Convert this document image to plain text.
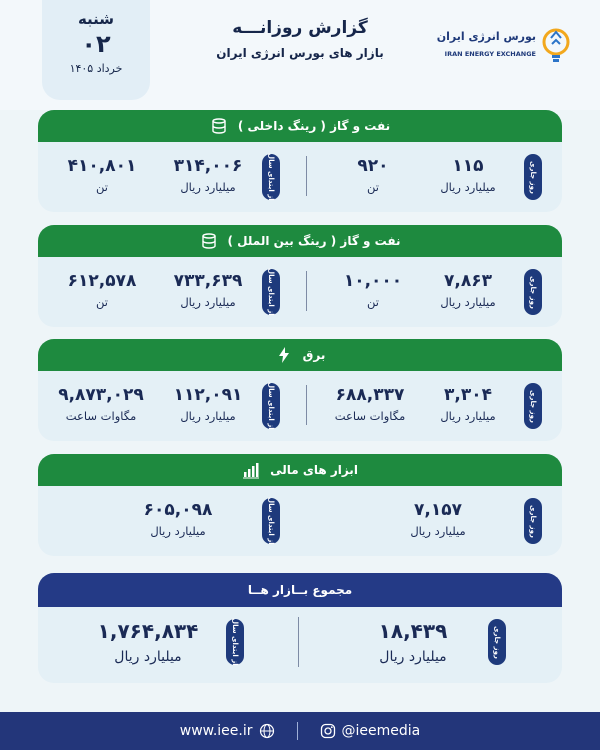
شنبه
۰۲
خرداد ۱۴۰۵
گزارش روزانـــه
بازار های بورس انرژی ایران
بورس انرژی ایران
IRAN ENERGY EXCHANGE
نفت و گاز ( رینگ داخلی )
روز جاری
۱۱۵
میلیارد ریال
۹۲۰
تن
از ابتدای سال
۳۱۴,۰۰۶
میلیارد ریال
۴۱۰,۸۰۱
تن
نفت و گاز ( رینگ بین الملل )
روز جاری
۷,۸۶۳
میلیارد ریال
۱۰,۰۰۰
تن
از ابتدای سال
۷۳۳,۶۳۹
میلیارد ریال
۶۱۲,۵۷۸
تن
برق
روز جاری
۳,۳۰۴
میلیارد ریال
۶۸۸,۳۳۷
مگاوات ساعت
از ابتدای سال
۱۱۲,۰۹۱
میلیارد ریال
۹,۸۷۳,۰۲۹
مگاوات ساعت
ابزار های مالی
روز جاری
۷,۱۵۷
میلیارد ریال
از ابتدای سال
۶۰۵,۰۹۸
میلیارد ریال
مجموع بــازار هــا
روز جاری
۱۸,۴۳۹
میلیارد ریال
از ابتدای سال
۱,۷۶۴,۸۳۴
میلیارد ریال
www.iee.ir	@ieemedia
